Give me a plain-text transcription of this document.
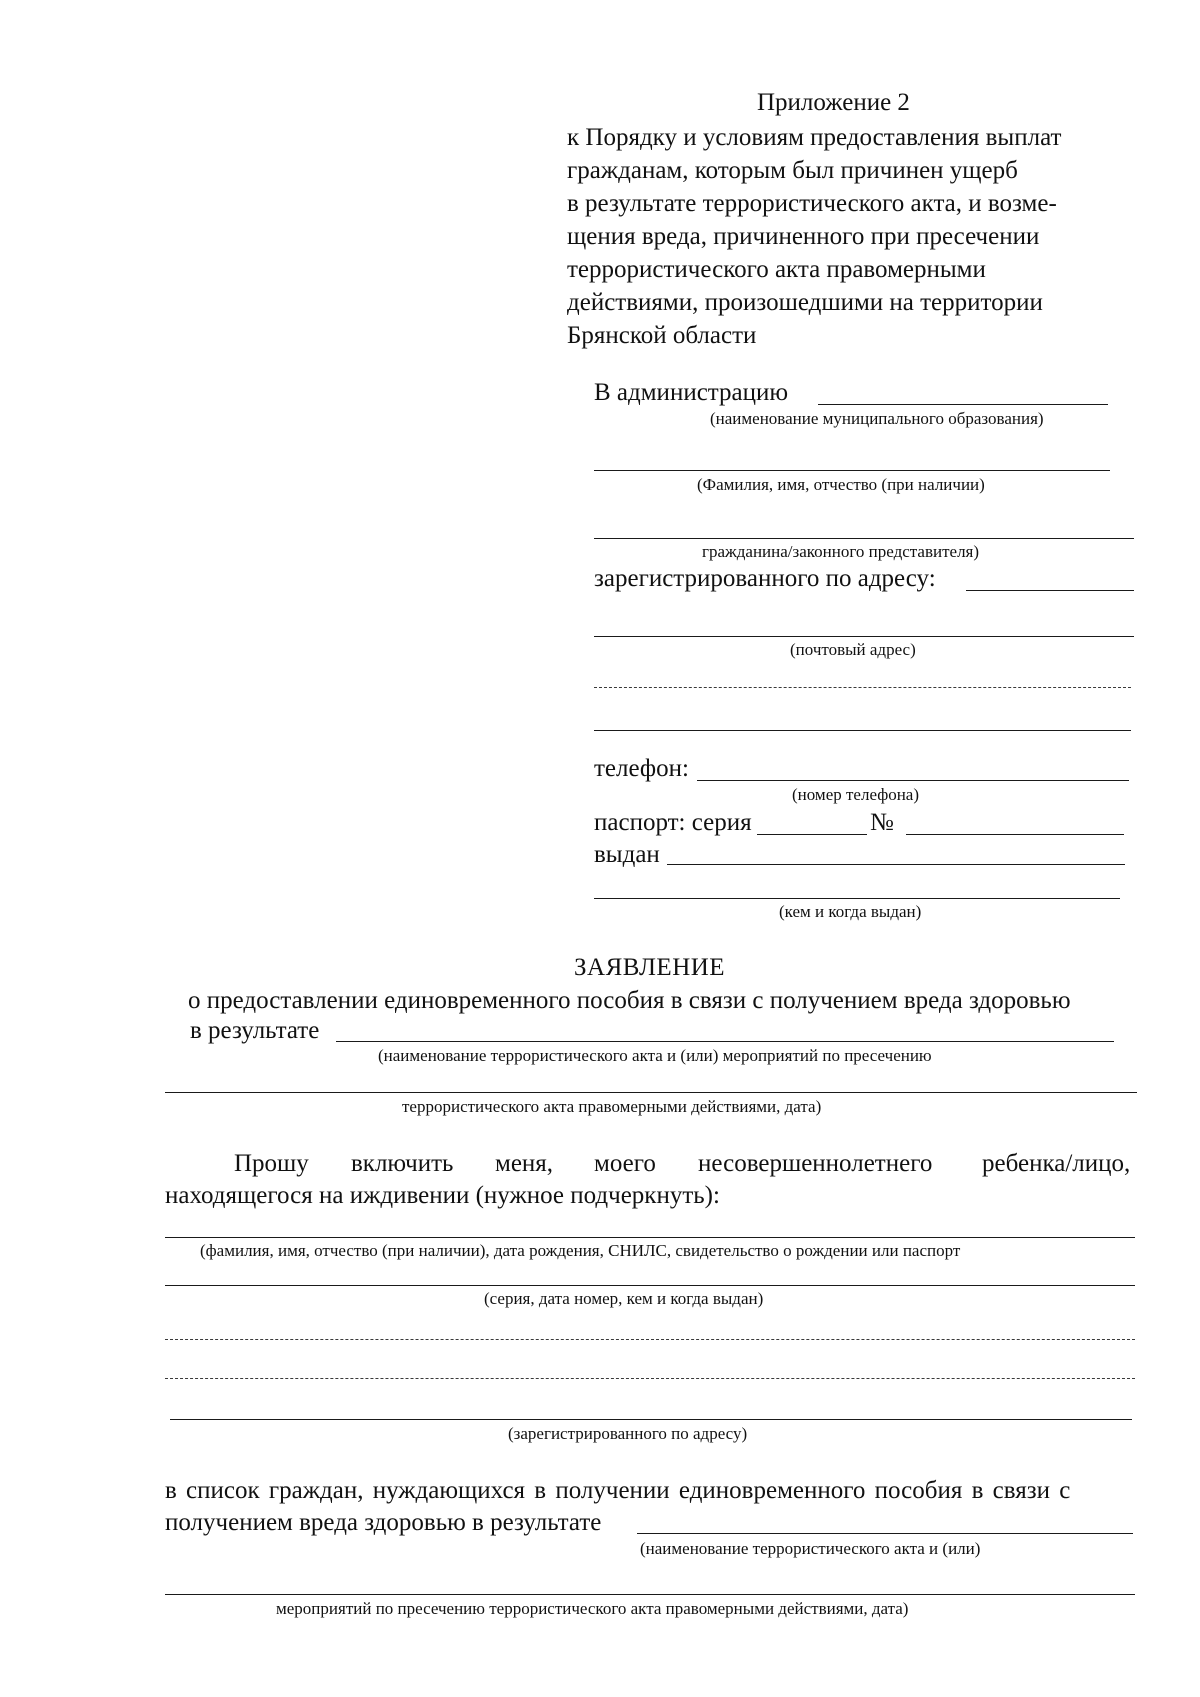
Приложение 2
к Порядку и условиям предоставления выплат
гражданам, которым был причинен ущерб
в результате террористического акта, и возме-
щения вреда, причиненного при пресечении
террористического акта правомерными
действиями, произошедшими на территории
Брянской области
В администрацию
(наименование муниципального образования)
(Фамилия, имя, отчество (при наличии)
гражданина/законного представителя)
зарегистрированного по адресу:
(почтовый адрес)
телефон:
(номер телефона)
паспорт: серия	№
выдан
(кем и когда выдан)
ЗАЯВЛЕНИЕ
о предоставлении единовременного пособия в связи с получением вреда здоровью
в результате
(наименование террористического акта и (или) мероприятий по пресечению
террористического акта правомерными действиями, дата)
Прошу включить меня, моего несовершеннолетнего ребенка/лицо,
находящегося на иждивении (нужное подчеркнуть):
(фамилия, имя, отчество (при наличии), дата рождения, СНИЛС, свидетельство о рождении или паспорт
(серия, дата номер, кем и когда выдан)
(зарегистрированного по адресу)
в список граждан, нуждающихся в получении единовременного пособия в связи с
получением вреда здоровью в результате
(наименование террористического акта и (или)
мероприятий по пресечению террористического акта правомерными действиями, дата)
